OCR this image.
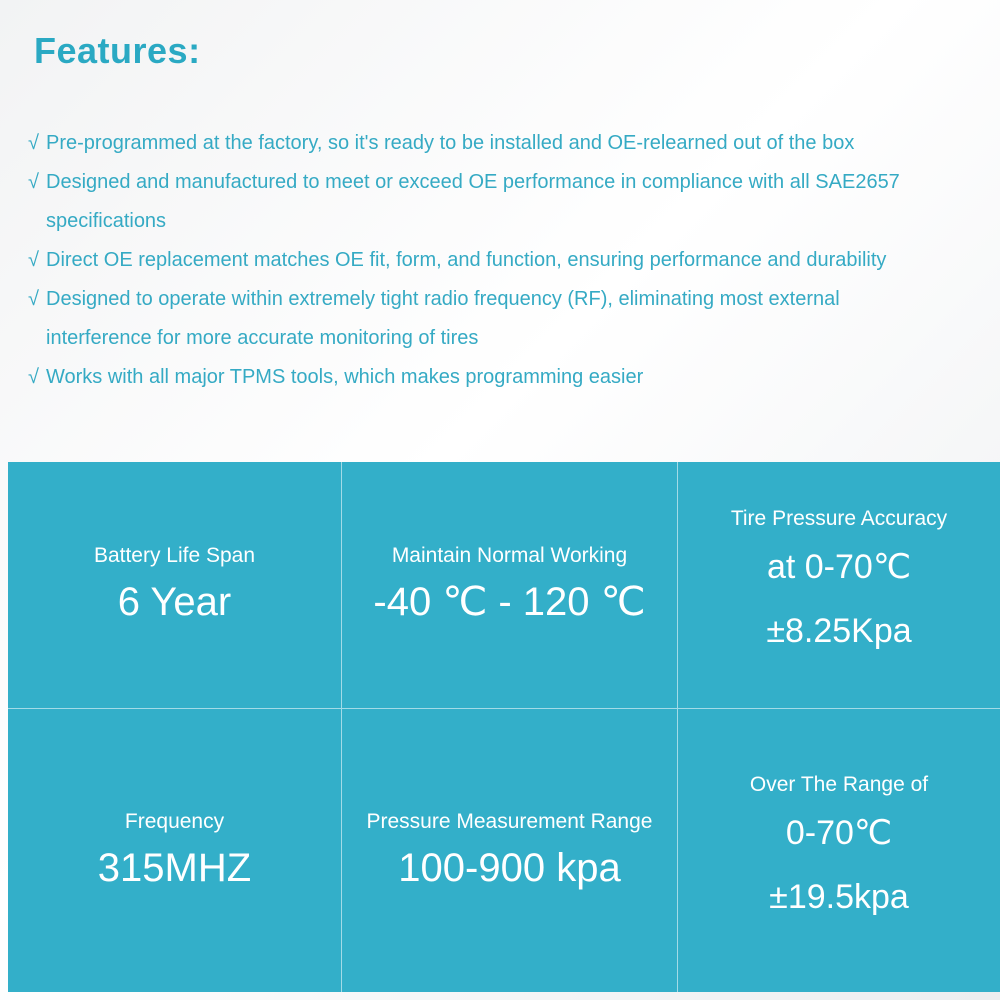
Features:
√ Pre-programmed at the factory, so it's ready to be installed and OE-relearned out of the box
√ Designed and manufactured to meet or exceed OE performance in compliance with all SAE2657 specifications
√ Direct OE replacement matches OE fit, form, and function, ensuring performance and durability
√ Designed to operate within extremely tight radio frequency (RF), eliminating most external interference for more accurate monitoring of tires
√ Works with all major TPMS tools, which makes programming easier
Battery Life Span
6 Year
Maintain Normal Working
-40 ℃ - 120 ℃
Tire Pressure Accuracy
at 0-70℃
±8.25Kpa
Frequency
315MHZ
Pressure Measurement Range
100-900 kpa
Over The Range of
0-70℃
±19.5kpa
